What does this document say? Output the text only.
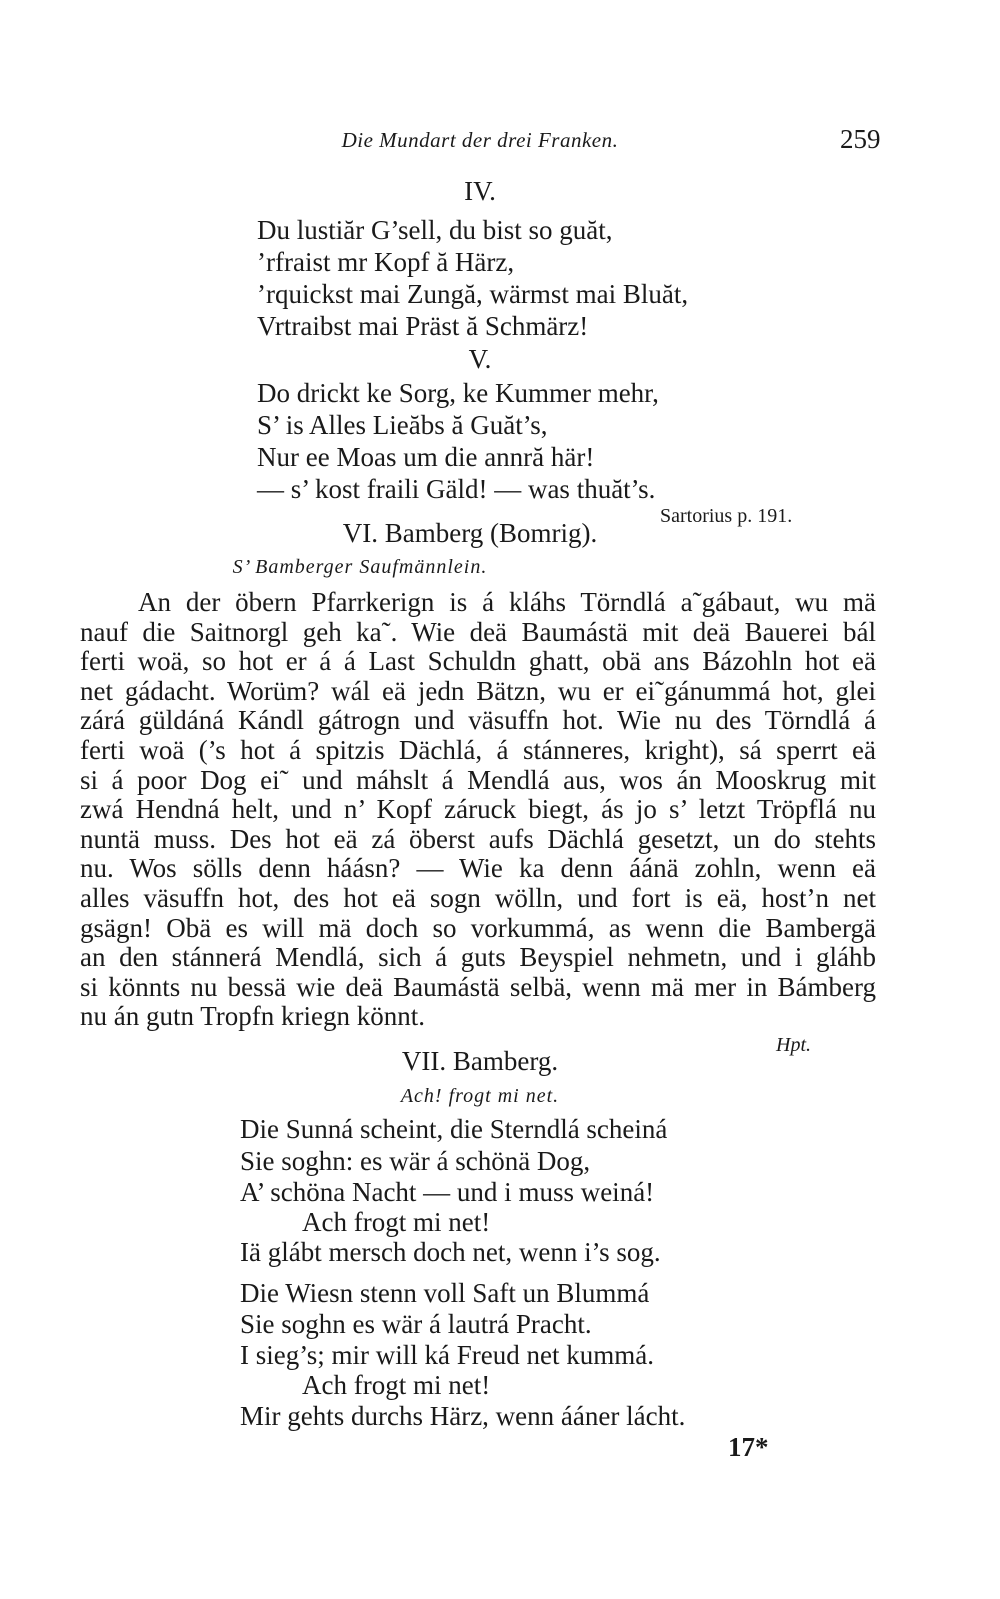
Die Mundart der drei Franken.	259
IV.
Du lustiăr G’sell, du bist so guăt,
’rfraist mr Kopf ă Härz,
’rquickst mai Zungă, wärmst mai Bluăt,
Vrtraibst mai Präst ă Schmärz!
V.
Do drickt ke Sorg, ke Kummer mehr,
S’ is Alles Lieăbs ă Guăt’s,
Nur ee Moas um die annră här!
— s’ kost fraili Gäld! — was thuăt’s.
Sartorius p. 191.
VI. Bamberg (Bomrig).
S’ Bamberger Saufmännlein.
An der öbern Pfarrkerign is á kláhs Törndlá a˜gábaut, wu mä
nauf die Saitnorgl geh ka˜. Wie deä Baumástä mit deä Bauerei bál
ferti woä, so hot er á á Last Schuldn ghatt, obä ans Bázohln hot eä
net gádacht. Worüm? wál eä jedn Bätzn, wu er ei˜gánummá hot, glei
zárá güldáná Kándl gátrogn und väsuffn hot. Wie nu des Törndlá á
ferti woä (’s hot á spitzis Dächlá, á stánneres, kright), sá sperrt eä
si á poor Dog ei˜ und máhslt á Mendlá aus, wos án Mooskrug mit
zwá Hendná helt, und n’ Kopf záruck biegt, ás jo s’ letzt Tröpflá nu
nuntä muss. Des hot eä zá öberst aufs Dächlá gesetzt, un do stehts
nu. Wos sölls denn háásn? — Wie ka denn áánä zohln, wenn eä
alles väsuffn hot, des hot eä sogn wölln, und fort is eä, host’n net
gsägn! Obä es will mä doch so vorkummá, as wenn die Bambergä
an den stánnerá Mendlá, sich á guts Beyspiel nehmetn, und i gláhb
si könnts nu bessä wie deä Baumástä selbä, wenn mä mer in Bámberg
nu án gutn Tropfn kriegn könnt.
Hpt.
VII. Bamberg.
Ach! frogt mi net.
Die Sunná scheint, die Sterndlá scheiná
Sie soghn: es wär á schönä Dog,
A’ schöna Nacht — und i muss weiná!
Ach frogt mi net!
Iä glábt mersch doch net, wenn i’s sog.
Die Wiesn stenn voll Saft un Blummá
Sie soghn es wär á lautrá Pracht.
I sieg’s; mir will ká Freud net kummá.
Ach frogt mi net!
Mir gehts durchs Härz, wenn ááner lácht.
17*
